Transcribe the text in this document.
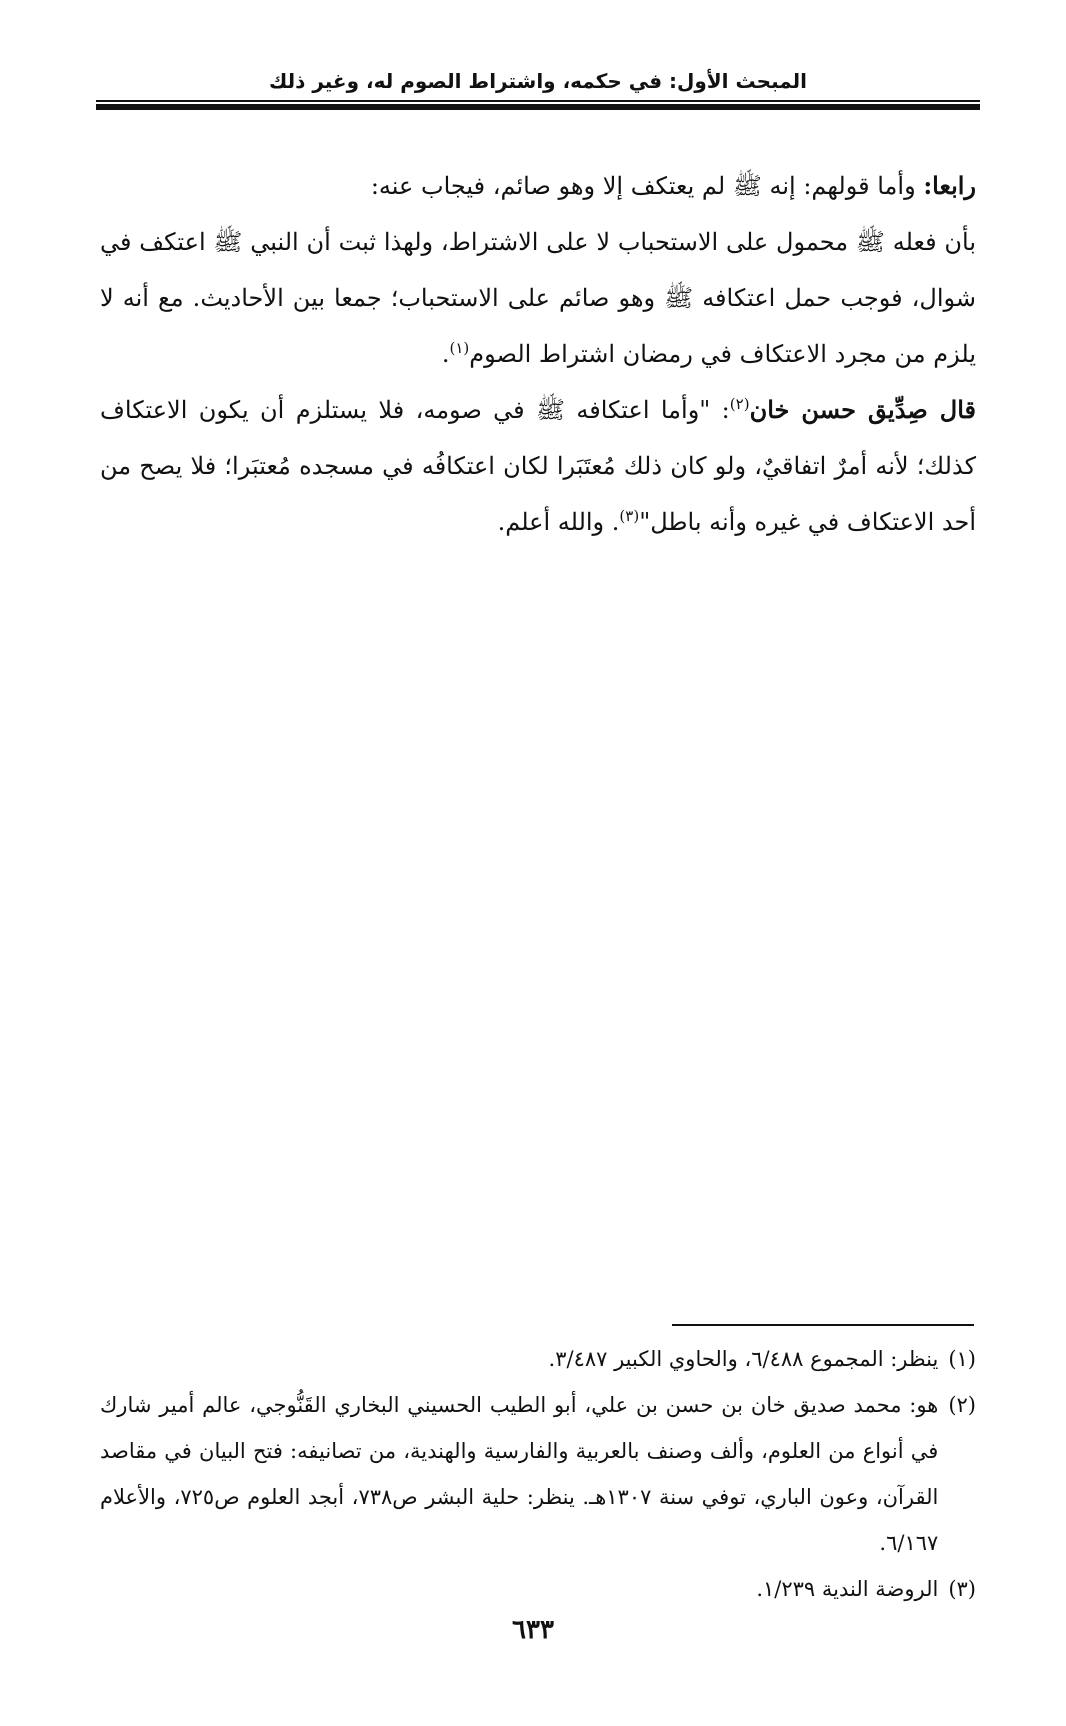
المبحث الأول: في حكمه، واشتراط الصوم له، وغير ذلك

رابعا: وأما قولهم: إنه ﷺ لم يعتكف إلا وهو صائم، فيجاب عنه:

بأن فعله ﷺ محمول على الاستحباب لا على الاشتراط، ولهذا ثبت أن النبي ﷺ اعتكف في شوال، فوجب حمل اعتكافه ﷺ وهو صائم على الاستحباب؛ جمعا بين الأحاديث. مع أنه لا يلزم من مجرد الاعتكاف في رمضان اشتراط الصوم$^{(١)}$.

قال صِدِّيق حسن خان$^{(٢)}$: "وأما اعتكافه ﷺ في صومه، فلا يستلزم أن يكون الاعتكاف كذلك؛ لأنه أمرٌ اتفاقيٌ، ولو كان ذلك مُعتَبَرا لكان اعتكافُه في مسجده مُعتبَرا؛ فلا يصح من أحد الاعتكاف في غيره وأنه باطل"$^{(٣)}$. والله أعلم.

(١)
ينظر: المجموع ٦/٤٨٨، والحاوي الكبير ٣/٤٨٧.
(٢)
هو: محمد صديق خان بن حسن بن علي، أبو الطيب الحسيني البخاري القَنُّوجي، عالم أمير شارك في أنواع من العلوم، وألف وصنف بالعربية والفارسية والهندية، من تصانيفه: فتح البيان في مقاصد القرآن، وعون الباري، توفي سنة ١٣٠٧هـ. ينظر: حلية البشر ص٧٣٨، أبجد العلوم ص٧٢٥، والأعلام ٦/١٦٧.
(٣)
الروضة الندية ١/٢٣٩.
٦٣٣
